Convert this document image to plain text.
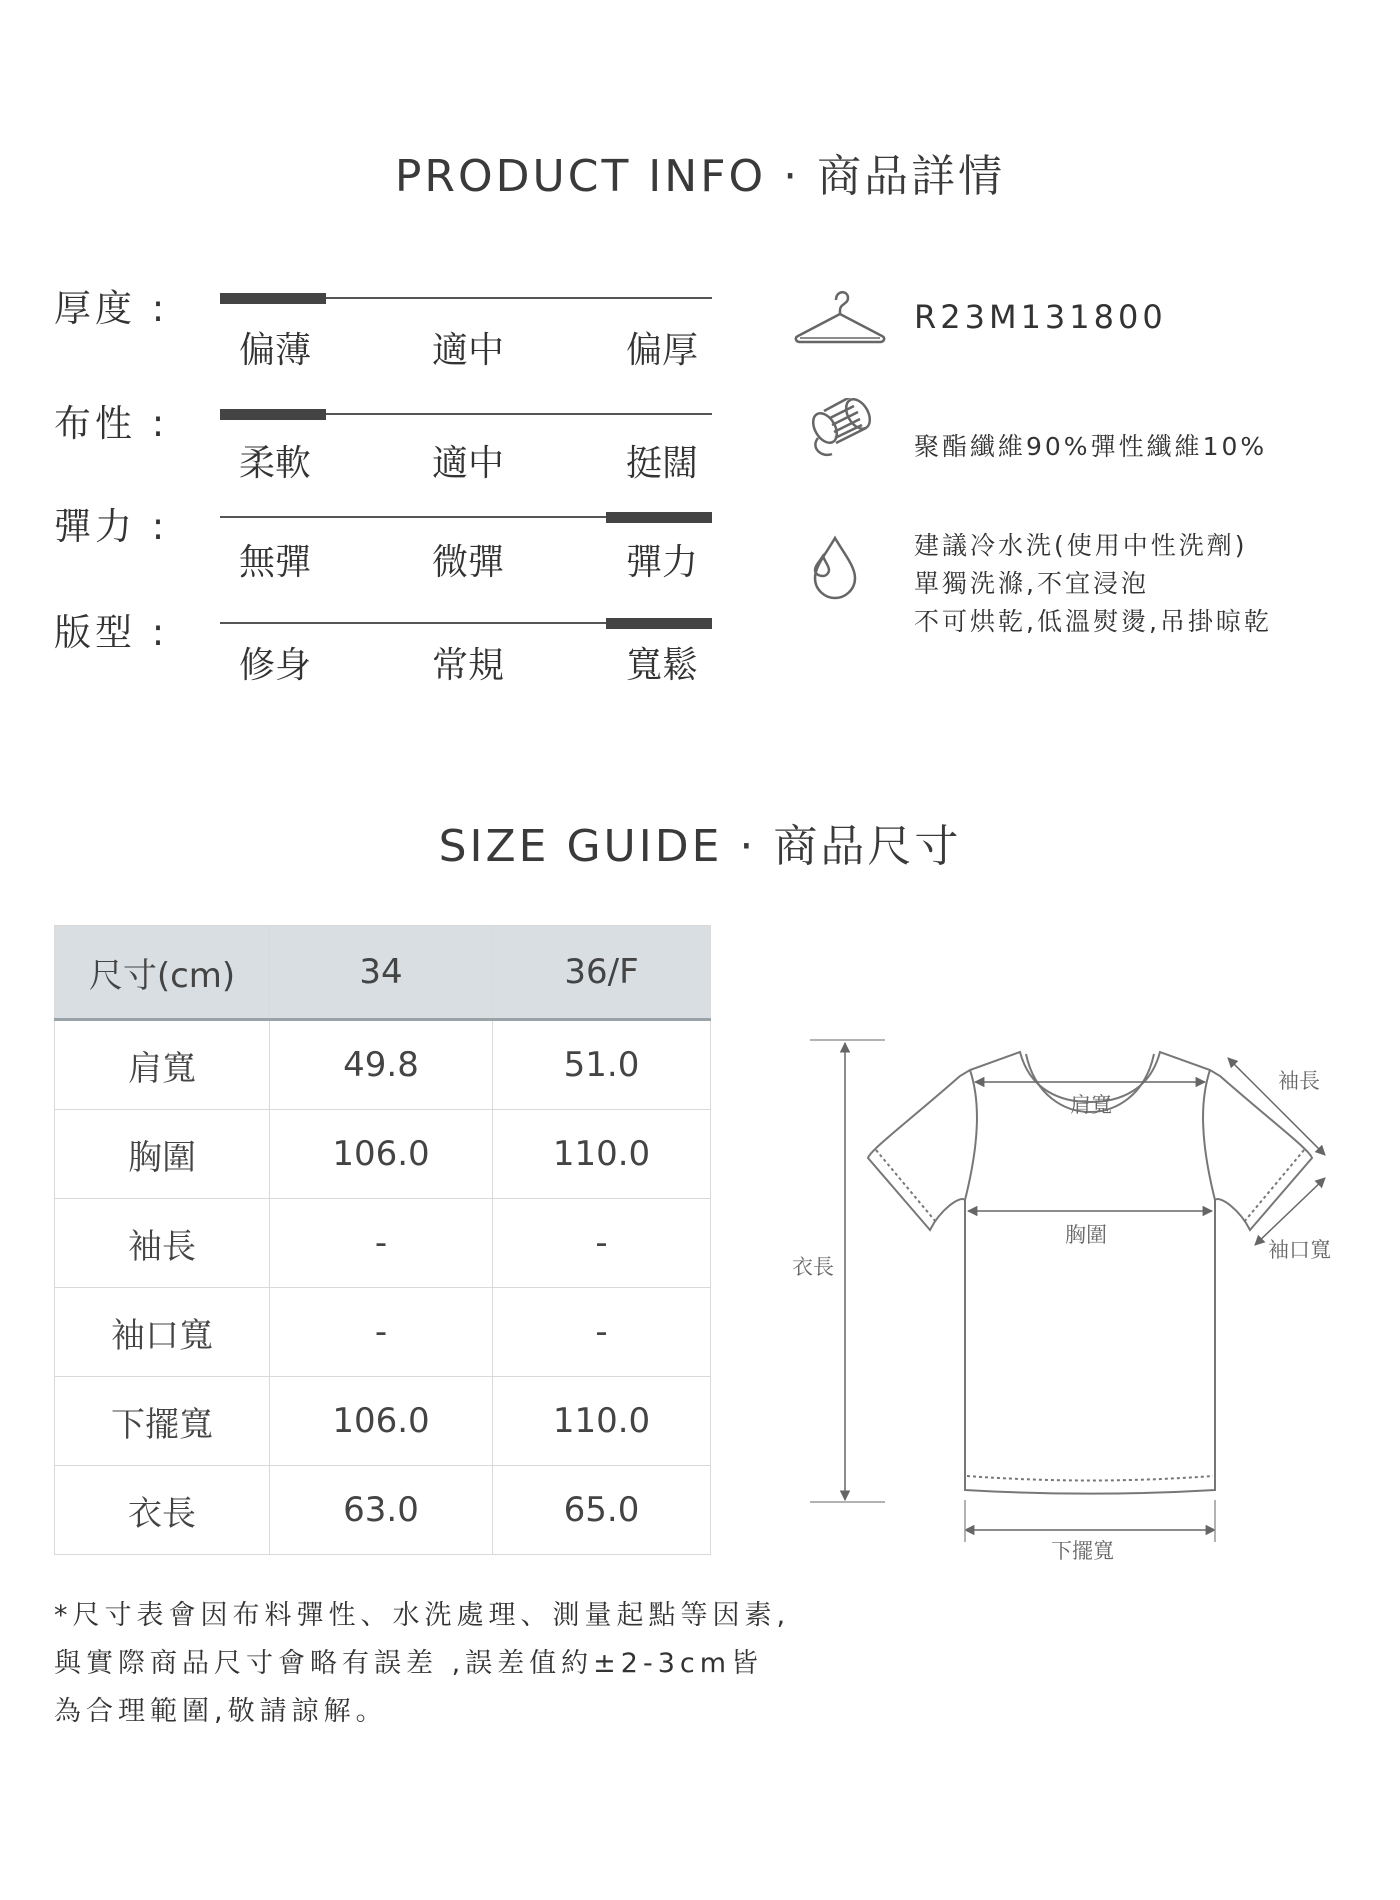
PRODUCT INFO · 商品詳情
厚度 :
偏薄	適中	偏厚
布性 :
柔軟	適中	挺闊
彈力 :
無彈	微彈	彈力
版型 :
修身	常規	寬鬆
R23M131800
聚酯纖維90%彈性纖維10%
建議冷水洗(使用中性洗劑)
單獨洗滌,不宜浸泡
不可烘乾,低溫熨燙,吊掛晾乾
SIZE GUIDE · 商品尺寸
尺寸(cm)	34	36/F
肩寬	49.8	51.0
胸圍	106.0	110.0
袖長	-	-
袖口寬	-	-
下擺寬	106.0	110.0
衣長	63.0	65.0
肩寬
胸圍
袖長
袖口寬
衣長
下擺寬
*尺寸表會因布料彈性、水洗處理、測量起點等因素,
與實際商品尺寸會略有誤差 ,誤差值約±2-3cm皆
為合理範圍,敬請諒解。
